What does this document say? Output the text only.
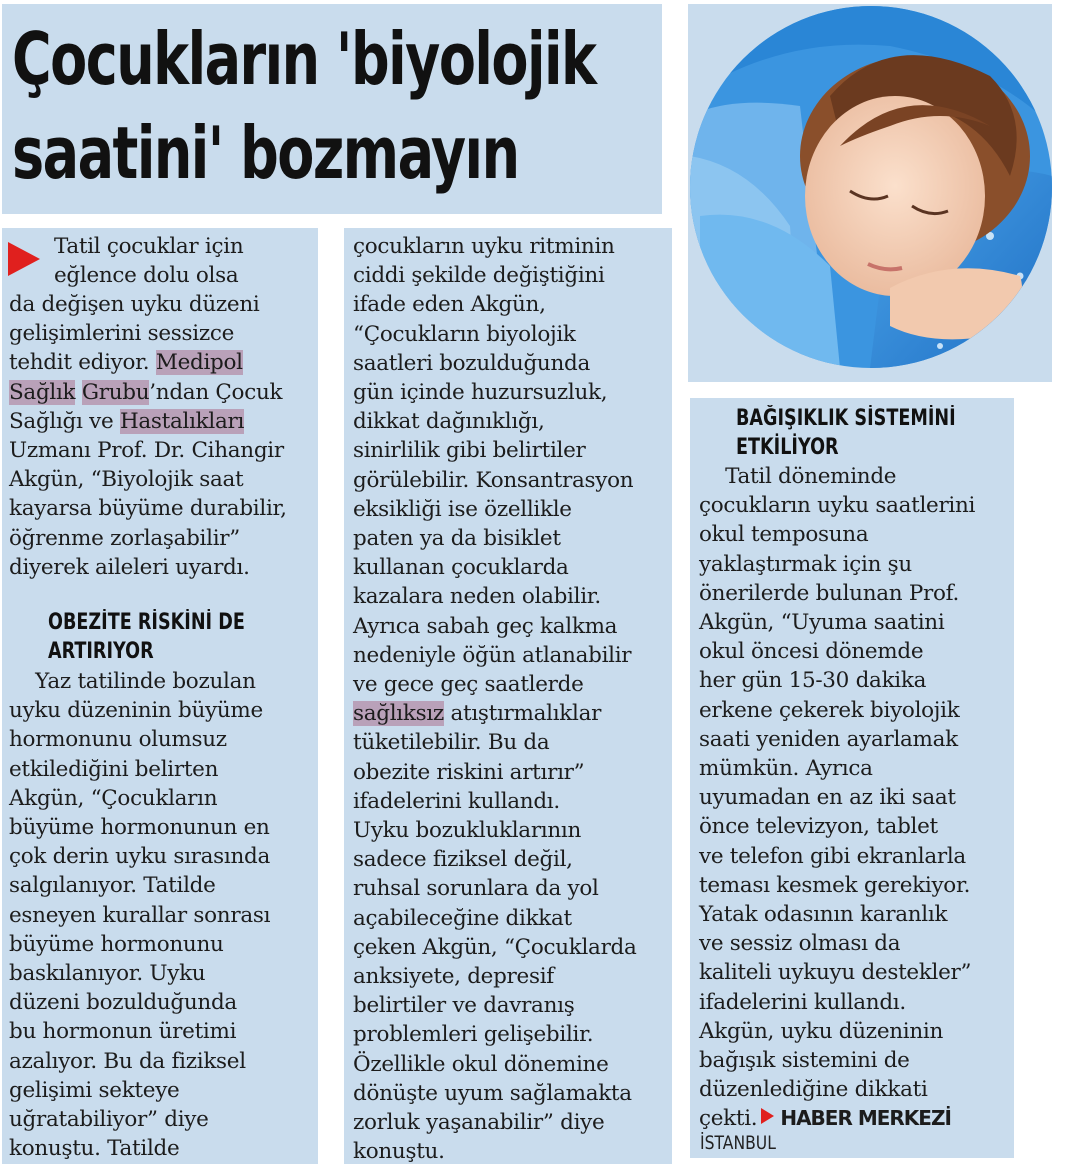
Çocukların 'biyolojik
saatini' bozmayın
Tatil çocuklar için
eğlence dolu olsa
da değişen uyku düzeni
gelişimlerini sessizce
tehdit ediyor. Medipol
Sağlık Grubu’ndan Çocuk
Sağlığı ve Hastalıkları
Uzmanı Prof. Dr. Cihangir
Akgün, “Biyolojik saat
kayarsa büyüme durabilir,
öğrenme zorlaşabilir”
diyerek aileleri uyardı.
OBEZİTE RİSKİNİ DE
ARTIRIYOR
Yaz tatilinde bozulan
uyku düzeninin büyüme
hormonunu olumsuz
etkilediğini belirten
Akgün, “Çocukların
büyüme hormonunun en
çok derin uyku sırasında
salgılanıyor. Tatilde
esneyen kurallar sonrası
büyüme hormonunu
baskılanıyor. Uyku
düzeni bozulduğunda
bu hormonun üretimi
azalıyor. Bu da fiziksel
gelişimi sekteye
uğratabiliyor” diye
konuştu. Tatilde
çocukların uyku ritminin
ciddi şekilde değiştiğini
ifade eden Akgün,
“Çocukların biyolojik
saatleri bozulduğunda
gün içinde huzursuzluk,
dikkat dağınıklığı,
sinirlilik gibi belirtiler
görülebilir. Konsantrasyon
eksikliği ise özellikle
paten ya da bisiklet
kullanan çocuklarda
kazalara neden olabilir.
Ayrıca sabah geç kalkma
nedeniyle öğün atlanabilir
ve gece geç saatlerde
sağlıksız atıştırmalıklar
tüketilebilir. Bu da
obezite riskini artırır”
ifadelerini kullandı.
Uyku bozukluklarının
sadece fiziksel değil,
ruhsal sorunlara da yol
açabileceğine dikkat
çeken Akgün, “Çocuklarda
anksiyete, depresif
belirtiler ve davranış
problemleri gelişebilir.
Özellikle okul dönemine
dönüşte uyum sağlamakta
zorluk yaşanabilir” diye
konuştu.
BAĞIŞIKLIK SİSTEMİNİ
ETKİLİYOR
Tatil döneminde
çocukların uyku saatlerini
okul temposuna
yaklaştırmak için şu
önerilerde bulunan Prof.
Akgün, “Uyuma saatini
okul öncesi dönemde
her gün 15-30 dakika
erkene çekerek biyolojik
saati yeniden ayarlamak
mümkün. Ayrıca
uyumadan en az iki saat
önce televizyon, tablet
ve telefon gibi ekranlarla
teması kesmek gerekiyor.
Yatak odasının karanlık
ve sessiz olması da
kaliteli uykuyu destekler”
ifadelerini kullandı.
Akgün, uyku düzeninin
bağışık sistemini de
düzenlediğine dikkati
çekti. HABER MERKEZİ
İSTANBUL
